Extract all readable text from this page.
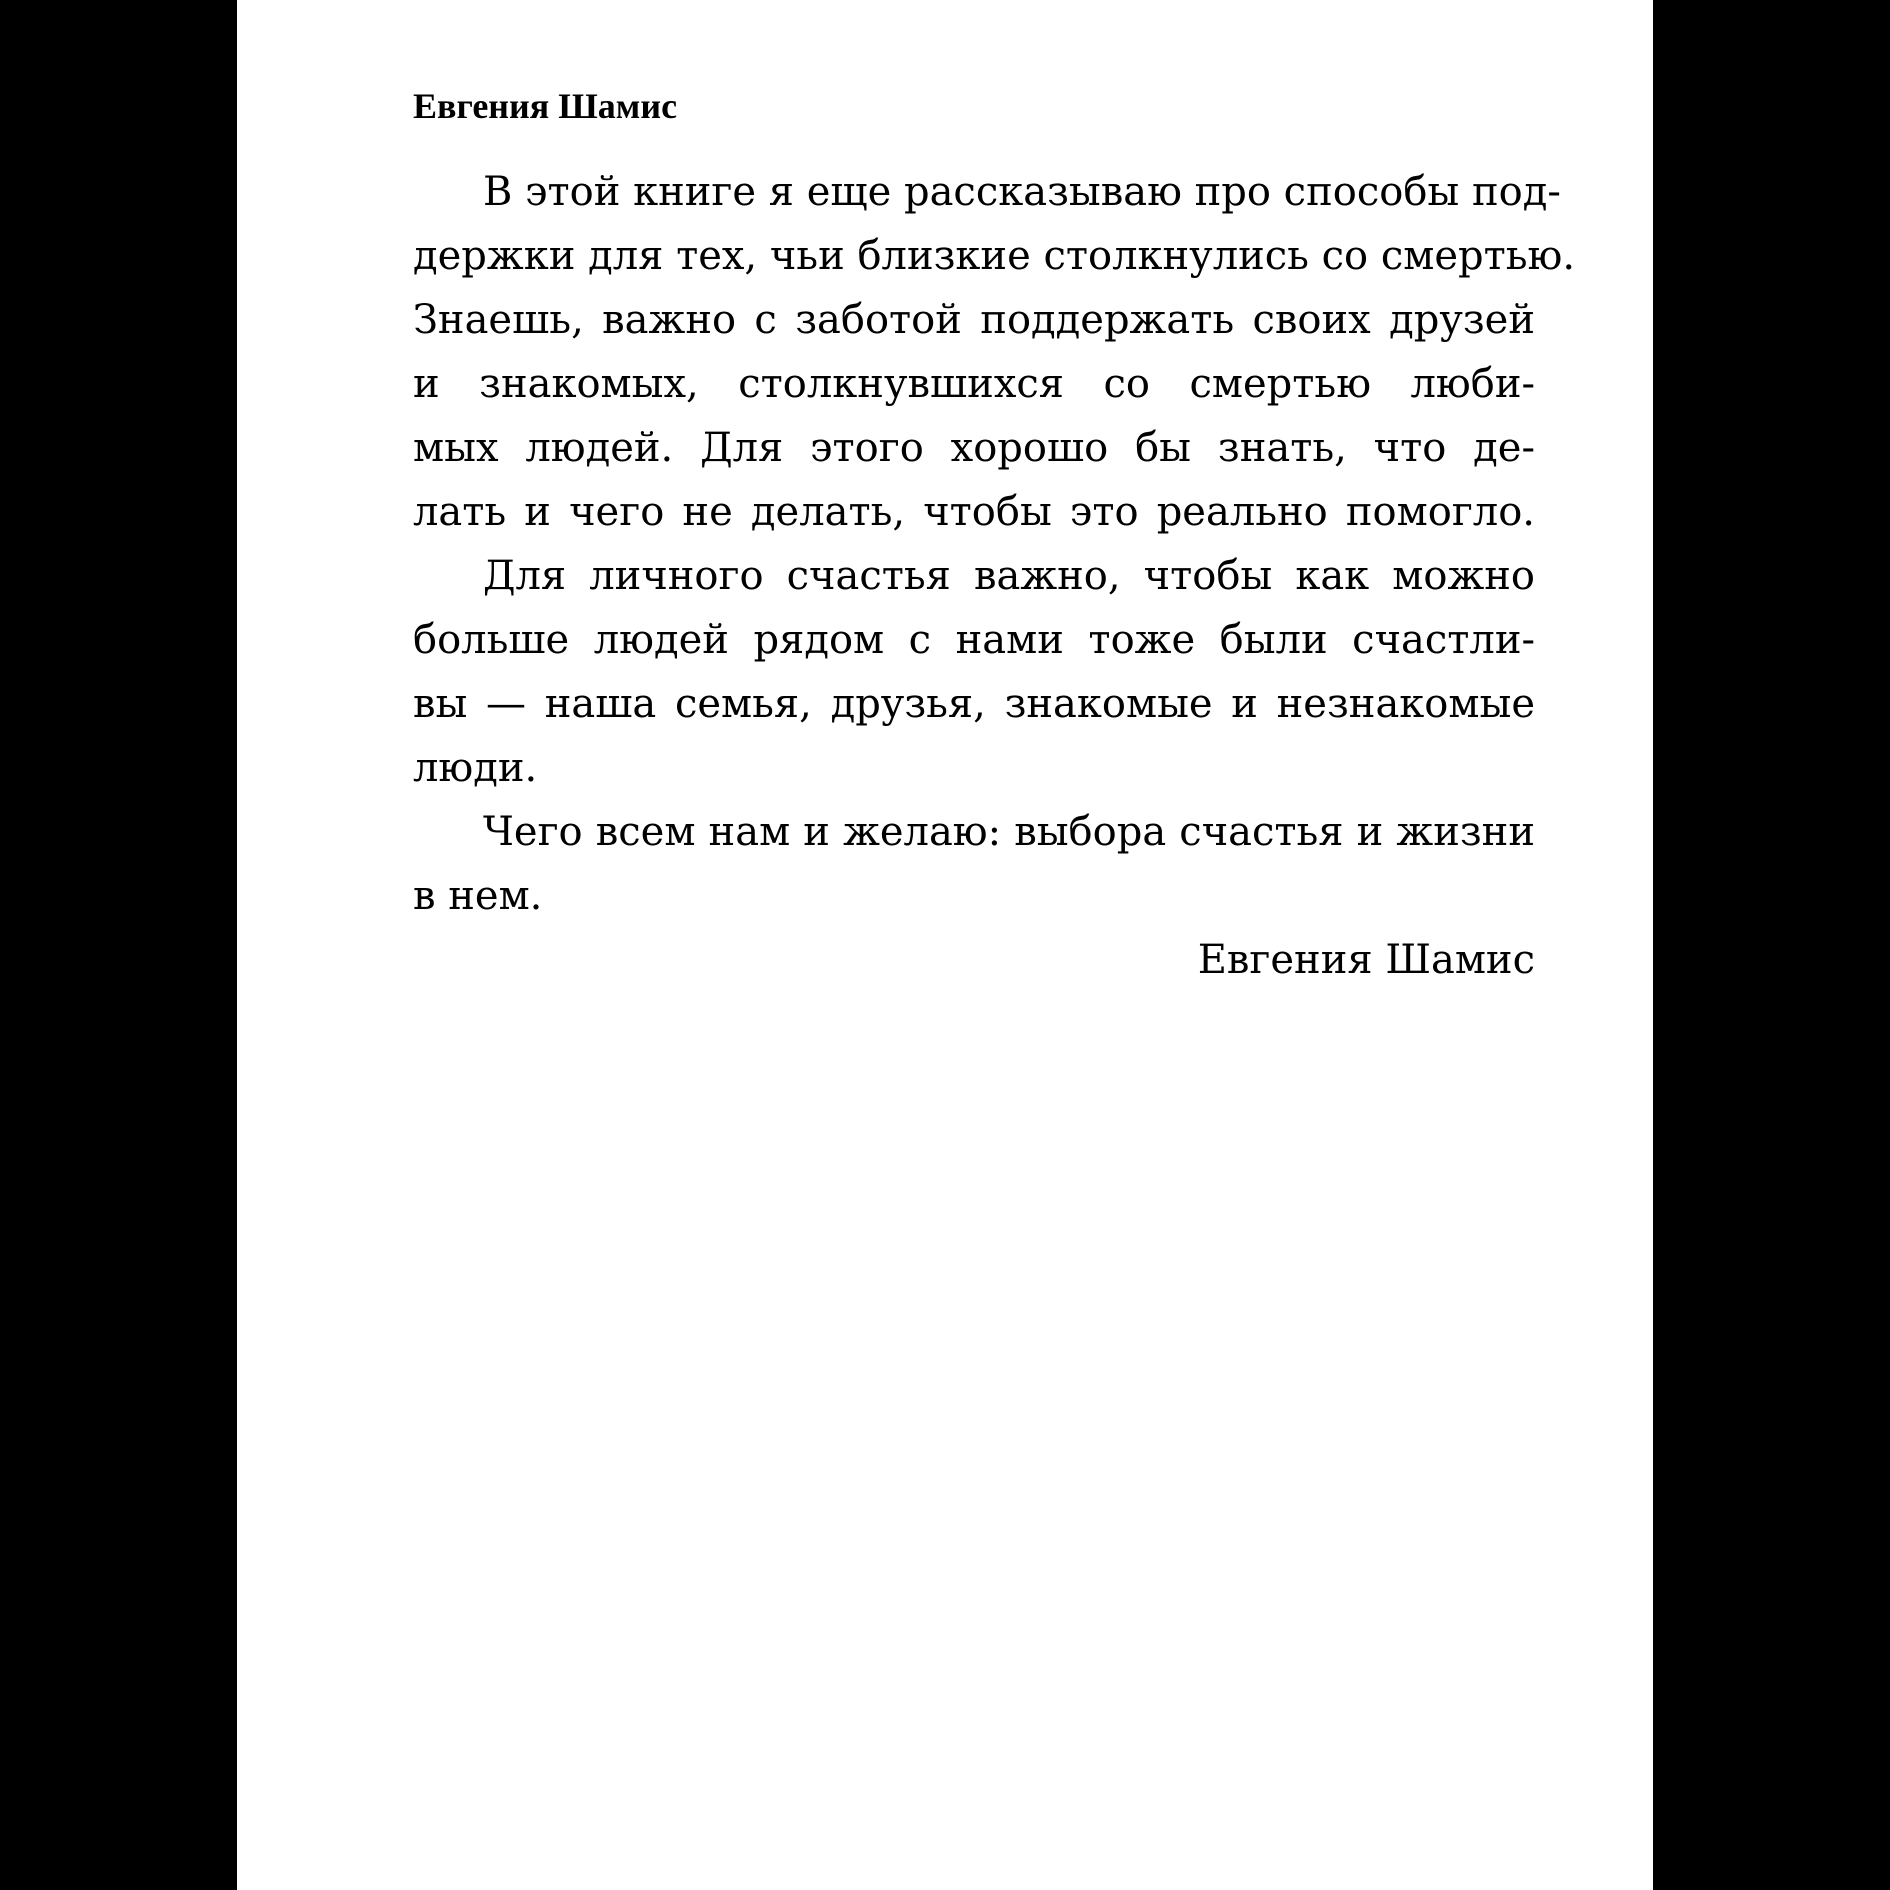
Евгения Шамис
В этой книге я еще рассказываю про способы под-
держки для тех, чьи близкие столкнулись со смертью.
Знаешь, важно с заботой поддержать своих друзей
и знакомых, столкнувшихся со смертью люби-
мых людей. Для этого хорошо бы знать, что де-
лать и чего не делать, чтобы это реально помогло.
Для личного счастья важно, чтобы как можно
больше людей рядом с нами тоже были счастли-
вы — наша семья, друзья, знакомые и незнакомые
люди.
Чего всем нам и желаю: выбора счастья и жизни
в нем.
Евгения Шамис
